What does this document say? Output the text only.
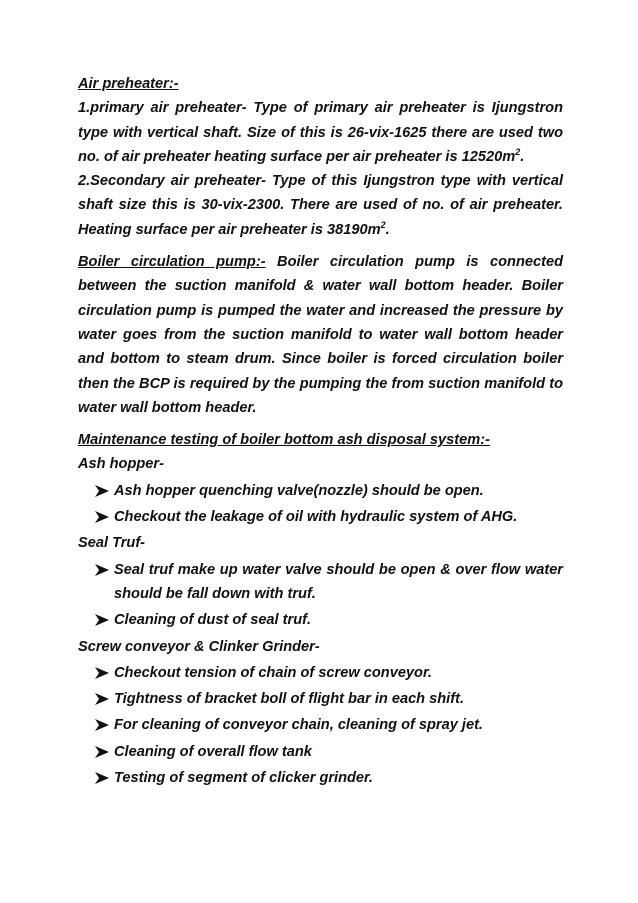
Air preheater:-

1.primary air preheater- Type of primary air preheater is Ijungstron type with vertical shaft. Size of this is 26-vix-1625 there are used two no. of air preheater heating surface per air preheater is $12520m^2$.

2.Secondary air preheater- Type of this Ijungstron type with vertical shaft size this is 30-vix-2300. There are used of no. of air preheater. Heating surface per air preheater is $38190m^2$.

Boiler circulation pump:- Boiler circulation pump is connected between the suction manifold & water wall bottom header. Boiler circulation pump is pumped the water and increased the pressure by water goes from the suction manifold to water wall bottom header and bottom to steam drum. Since boiler is forced circulation boiler then the BCP is required by the pumping the from suction manifold to water wall bottom header.

Maintenance testing of boiler bottom ash disposal system:-

Ash hopper-

Ash hopper quenching valve(nozzle) should be open.
Checkout the leakage of oil with hydraulic system of AHG.

Seal Truf-

Seal truf make up water valve should be open & over flow water should be fall down with truf.
Cleaning of dust of seal truf.

Screw conveyor & Clinker Grinder-

Checkout tension of chain of screw conveyor.
Tightness of bracket boll of flight bar in each shift.
For cleaning of conveyor chain, cleaning of spray jet.
Cleaning of overall flow tank
Testing of segment of clicker grinder.
